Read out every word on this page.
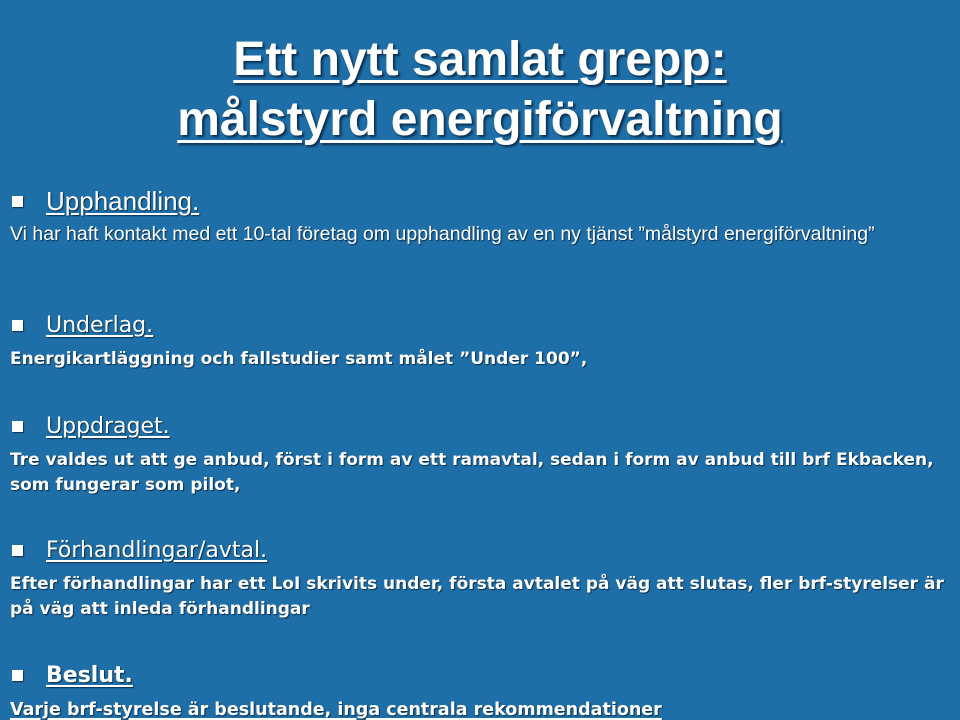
Ett nytt samlat grepp:
målstyrd energiförvaltning
Upphandling.
Vi har haft kontakt med ett 10-tal företag om upphandling av en ny tjänst ”målstyrd energiförvaltning”
Underlag.
Energikartläggning och fallstudier samt målet ”Under 100”,
Uppdraget.
Tre valdes ut att ge anbud, först i form av ett ramavtal, sedan i form av anbud till brf Ekbacken, som fungerar som pilot,
Förhandlingar/avtal.
Efter förhandlingar har ett LoI skrivits under, första avtalet på väg att slutas, fler brf-styrelser är på väg att inleda förhandlingar
Beslut.
Varje brf-styrelse är beslutande, inga centrala rekommendationer
